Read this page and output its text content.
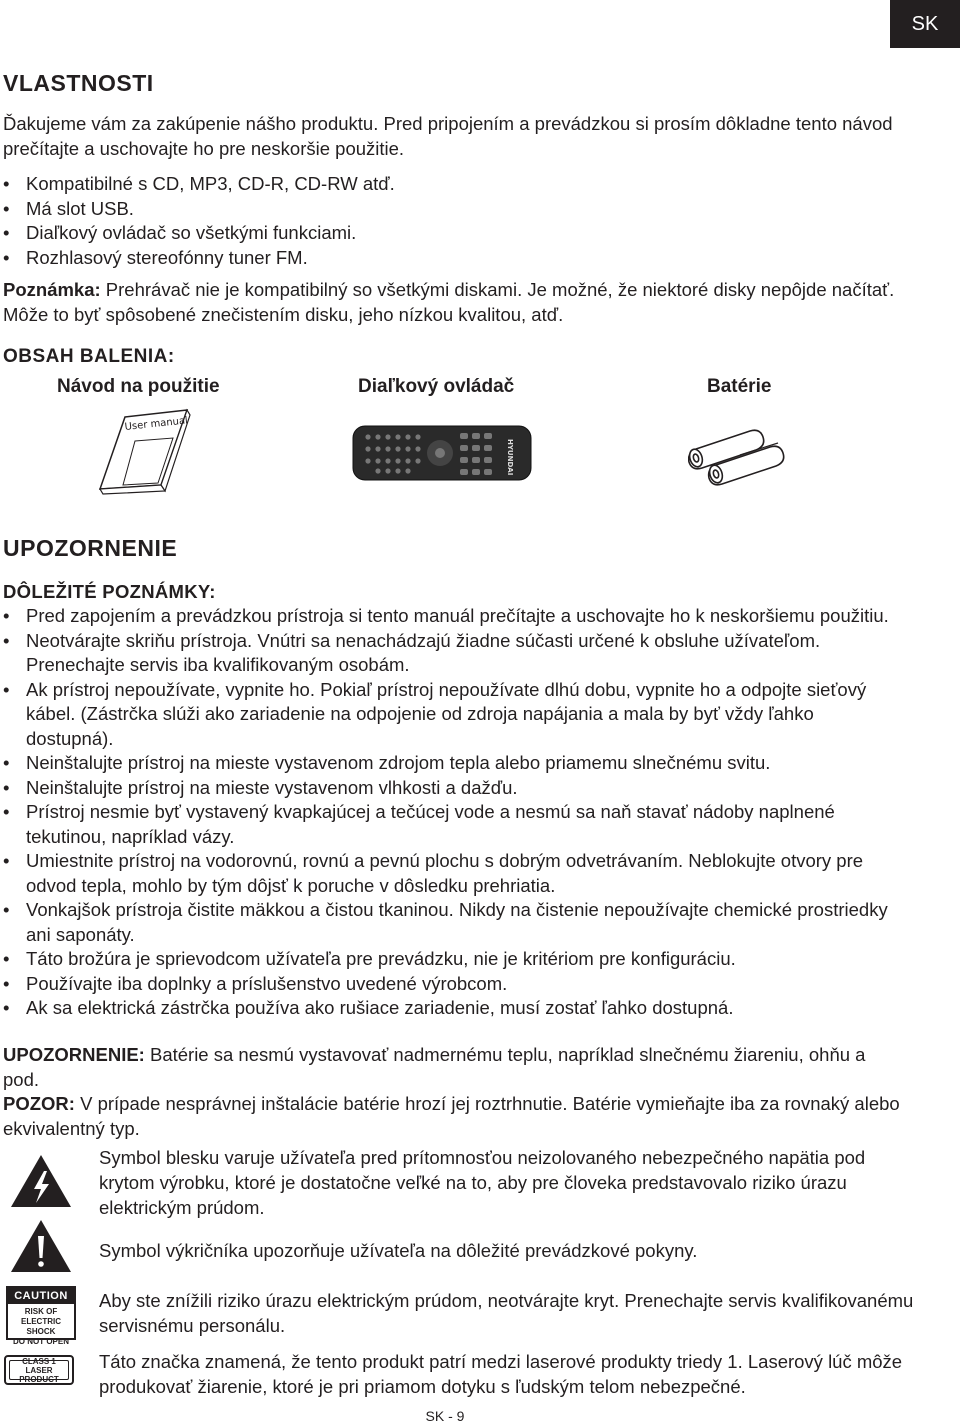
SK
VLASTNOSTI
Ďakujeme vám za zakúpenie nášho produktu. Pred pripojením a prevádzkou si prosím dôkladne tento návod prečítajte a uschovajte ho pre neskoršie použitie.
• Kompatibilné s CD, MP3, CD-R, CD-RW atď.
• Má slot USB.
• Diaľkový ovládač so všetkými funkciami.
• Rozhlasový stereofónny tuner FM.
Poznámka: Prehrávač nie je kompatibilný so všetkými diskami. Je možné, že niektoré disky nepôjde načítať. Môže to byť spôsobené znečistením disku, jeho nízkou kvalitou, atď.
OBSAH BALENIA:
Návod na použitie	Diaľkový ovládač	Batérie
User manual
HYUNDAI
UPOZORNENIE
DÔLEŽITÉ POZNÁMKY:
• Pred zapojením a prevádzkou prístroja si tento manuál prečítajte a uschovajte ho k neskoršiemu použitiu.
• Neotvárajte skriňu prístroja. Vnútri sa nenachádzajú žiadne súčasti určené k obsluhe užívateľom. Prenechajte servis iba kvalifikovaným osobám.
• Ak prístroj nepoužívate, vypnite ho. Pokiaľ prístroj nepoužívate dlhú dobu, vypnite ho a odpojte sieťový kábel. (Zástrčka slúži ako zariadenie na odpojenie od zdroja napájania a mala by byť vždy ľahko dostupná).
• Neinštalujte prístroj na mieste vystavenom zdrojom tepla alebo priamemu slnečnému svitu.
• Neinštalujte prístroj na mieste vystavenom vlhkosti a dažďu.
• Prístroj nesmie byť vystavený kvapkajúcej a tečúcej vode a nesmú sa naň stavať nádoby naplnené tekutinou, napríklad vázy.
• Umiestnite prístroj na vodorovnú, rovnú a pevnú plochu s dobrým odvetrávaním. Neblokujte otvory pre odvod tepla, mohlo by tým dôjsť k poruche v dôsledku prehriatia.
• Vonkajšok prístroja čistite mäkkou a čistou tkaninou. Nikdy na čistenie nepoužívajte chemické prostriedky ani saponáty.
• Táto brožúra je sprievodcom užívateľa pre prevádzku, nie je kritériom pre konfiguráciu.
• Používajte iba doplnky a príslušenstvo uvedené výrobcom.
• Ak sa elektrická zástrčka používa ako rušiace zariadenie, musí zostať ľahko dostupná.
UPOZORNENIE: Batérie sa nesmú vystavovať nadmernému teplu, napríklad slnečnému žiareniu, ohňu a pod.
POZOR: V prípade nesprávnej inštalácie batérie hrozí jej roztrhnutie. Batérie vymieňajte iba za rovnaký alebo ekvivalentný typ.
Symbol blesku varuje užívateľa pred prítomnosťou neizolovaného nebezpečného napätia pod krytom výrobku, ktoré je dostatočne veľké na to, aby pre človeka predstavovalo riziko úrazu elektrickým prúdom.
Symbol výkričníka upozorňuje užívateľa na dôležité prevádzkové pokyny.
CAUTION
RISK OF ELECTRIC
SHOCK
DO NOT OPEN
Aby ste znížili riziko úrazu elektrickým prúdom, neotvárajte kryt. Prenechajte servis kvalifikovanému servisnému personálu.
CLASS 1
LASER PRODUCT
Táto značka znamená, že tento produkt patrí medzi laserové produkty triedy 1. Laserový lúč môže produkovať žiarenie, ktoré je pri priamom dotyku s ľudským telom nebezpečné.
SK - 9
